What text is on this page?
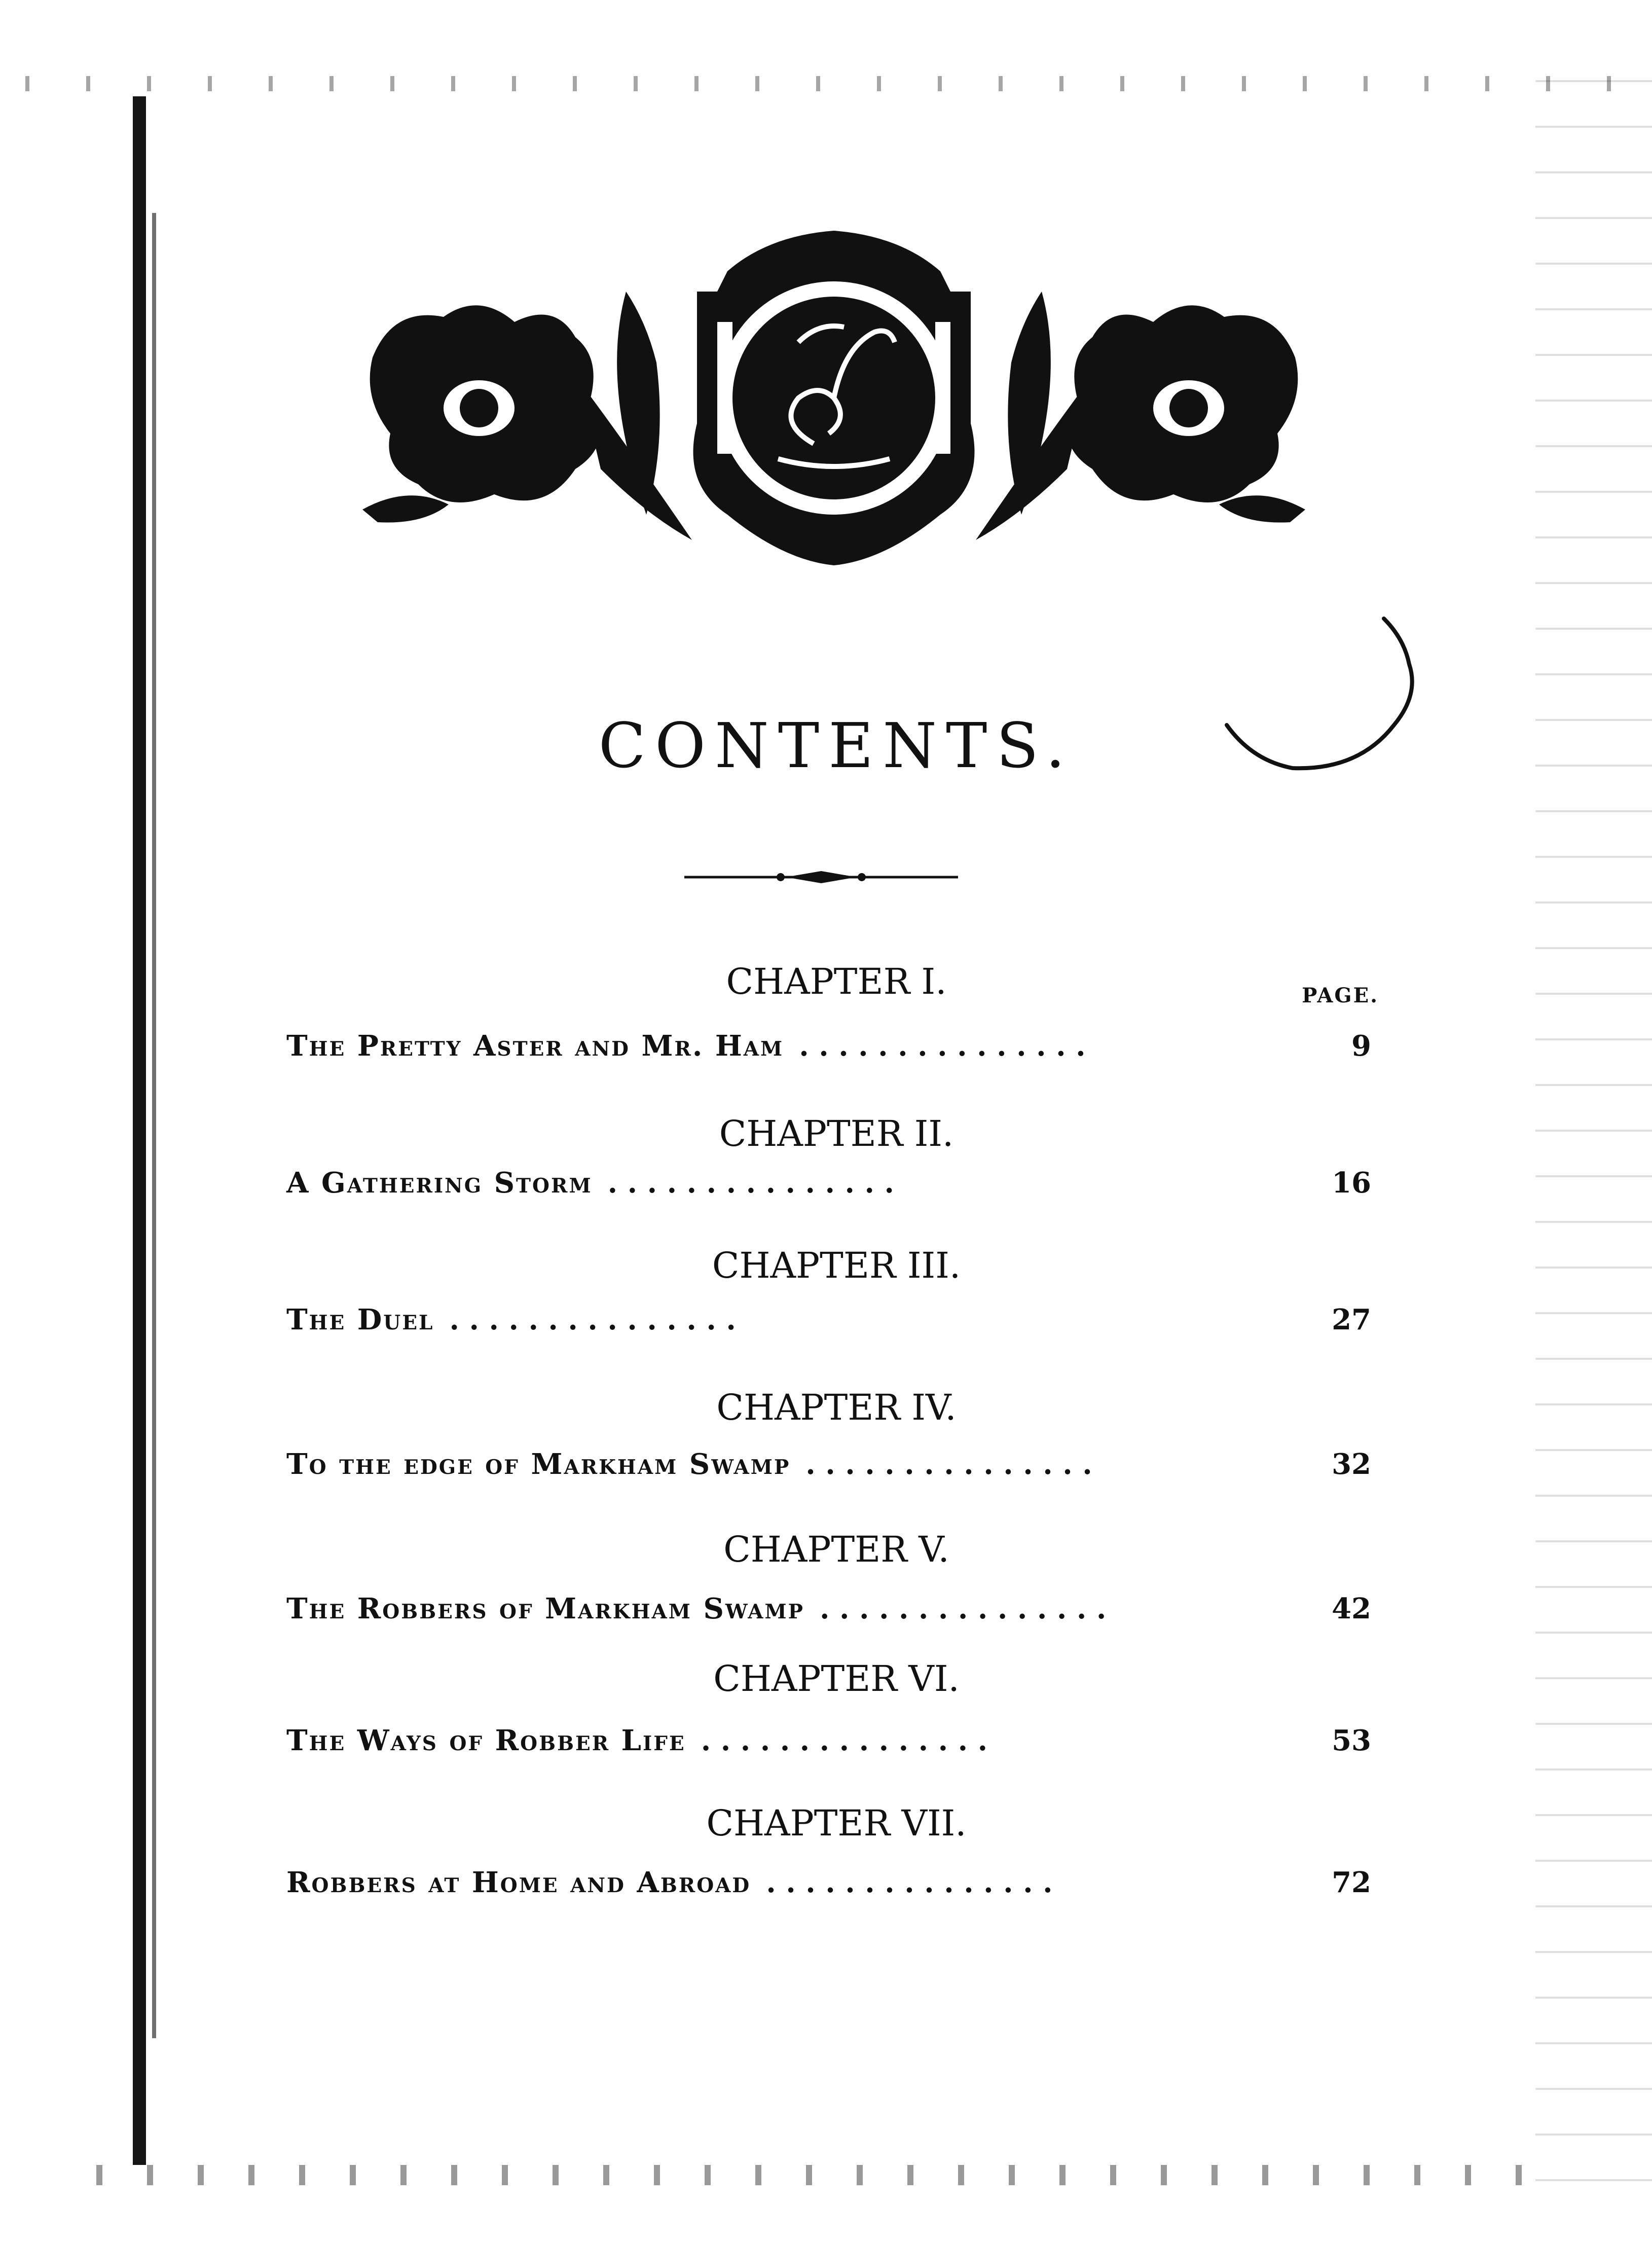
CONTENTS.
PAGE.
CHAPTER I.
The Pretty Aster and Mr. Ham .	9
CHAPTER II.
A Gathering Storm .	16
CHAPTER III.
The Duel .	27
CHAPTER IV.
To the edge of Markham Swamp .	32
CHAPTER V.
The Robbers of Markham Swamp .	42
CHAPTER VI.
The Ways of Robber Life .	53
CHAPTER VII.
Robbers at Home and Abroad .	72
